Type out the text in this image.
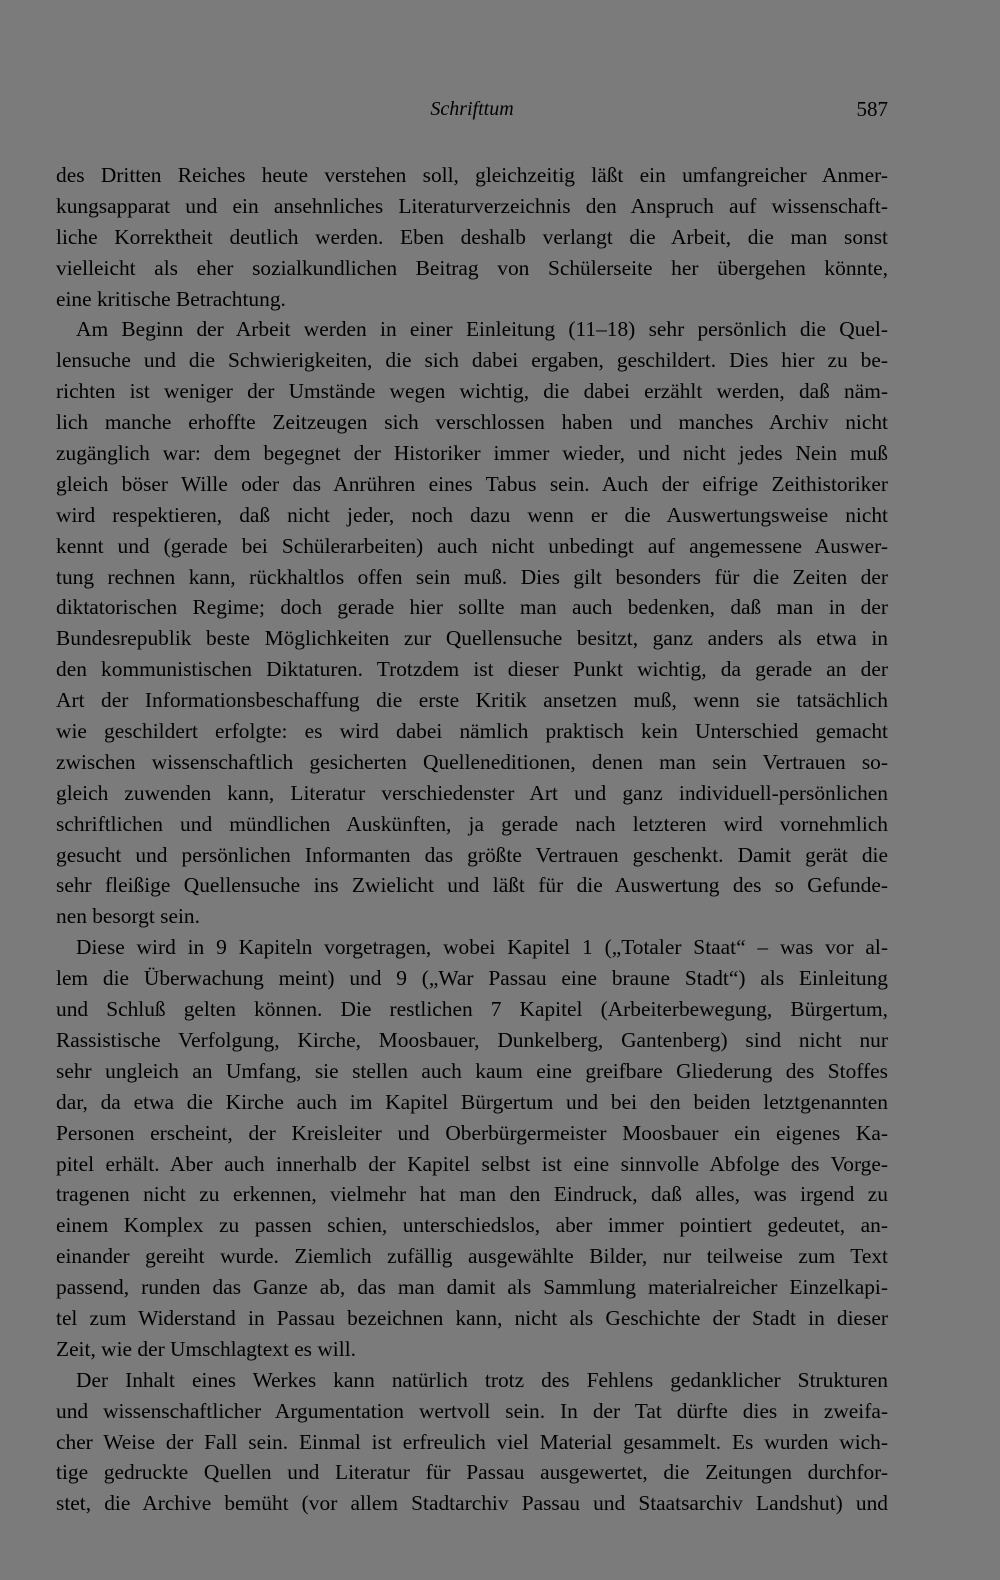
Schrifttum	587
des Dritten Reiches heute verstehen soll, gleichzeitig läßt ein umfangreicher Anmer-
kungsapparat und ein ansehnliches Literaturverzeichnis den Anspruch auf wissenschaft-
liche Korrektheit deutlich werden. Eben deshalb verlangt die Arbeit, die man sonst
vielleicht als eher sozialkundlichen Beitrag von Schülerseite her übergehen könnte,
eine kritische Betrachtung.
Am Beginn der Arbeit werden in einer Einleitung (11–18) sehr persönlich die Quel-
lensuche und die Schwierigkeiten, die sich dabei ergaben, geschildert. Dies hier zu be-
richten ist weniger der Umstände wegen wichtig, die dabei erzählt werden, daß näm-
lich manche erhoffte Zeitzeugen sich verschlossen haben und manches Archiv nicht
zugänglich war: dem begegnet der Historiker immer wieder, und nicht jedes Nein muß
gleich böser Wille oder das Anrühren eines Tabus sein. Auch der eifrige Zeithistoriker
wird respektieren, daß nicht jeder, noch dazu wenn er die Auswertungsweise nicht
kennt und (gerade bei Schülerarbeiten) auch nicht unbedingt auf angemessene Auswer-
tung rechnen kann, rückhaltlos offen sein muß. Dies gilt besonders für die Zeiten der
diktatorischen Regime; doch gerade hier sollte man auch bedenken, daß man in der
Bundesrepublik beste Möglichkeiten zur Quellensuche besitzt, ganz anders als etwa in
den kommunistischen Diktaturen. Trotzdem ist dieser Punkt wichtig, da gerade an der
Art der Informationsbeschaffung die erste Kritik ansetzen muß, wenn sie tatsächlich
wie geschildert erfolgte: es wird dabei nämlich praktisch kein Unterschied gemacht
zwischen wissenschaftlich gesicherten Quelleneditionen, denen man sein Vertrauen so-
gleich zuwenden kann, Literatur verschiedenster Art und ganz individuell-persönlichen
schriftlichen und mündlichen Auskünften, ja gerade nach letzteren wird vornehmlich
gesucht und persönlichen Informanten das größte Vertrauen geschenkt. Damit gerät die
sehr fleißige Quellensuche ins Zwielicht und läßt für die Auswertung des so Gefunde-
nen besorgt sein.
Diese wird in 9 Kapiteln vorgetragen, wobei Kapitel 1 („Totaler Staat“ – was vor al-
lem die Überwachung meint) und 9 („War Passau eine braune Stadt“) als Einleitung
und Schluß gelten können. Die restlichen 7 Kapitel (Arbeiterbewegung, Bürgertum,
Rassistische Verfolgung, Kirche, Moosbauer, Dunkelberg, Gantenberg) sind nicht nur
sehr ungleich an Umfang, sie stellen auch kaum eine greifbare Gliederung des Stoffes
dar, da etwa die Kirche auch im Kapitel Bürgertum und bei den beiden letztgenannten
Personen erscheint, der Kreisleiter und Oberbürgermeister Moosbauer ein eigenes Ka-
pitel erhält. Aber auch innerhalb der Kapitel selbst ist eine sinnvolle Abfolge des Vorge-
tragenen nicht zu erkennen, vielmehr hat man den Eindruck, daß alles, was irgend zu
einem Komplex zu passen schien, unterschiedslos, aber immer pointiert gedeutet, an-
einander gereiht wurde. Ziemlich zufällig ausgewählte Bilder, nur teilweise zum Text
passend, runden das Ganze ab, das man damit als Sammlung materialreicher Einzelkapi-
tel zum Widerstand in Passau bezeichnen kann, nicht als Geschichte der Stadt in dieser
Zeit, wie der Umschlagtext es will.
Der Inhalt eines Werkes kann natürlich trotz des Fehlens gedanklicher Strukturen
und wissenschaftlicher Argumentation wertvoll sein. In der Tat dürfte dies in zweifa-
cher Weise der Fall sein. Einmal ist erfreulich viel Material gesammelt. Es wurden wich-
tige gedruckte Quellen und Literatur für Passau ausgewertet, die Zeitungen durchfor-
stet, die Archive bemüht (vor allem Stadtarchiv Passau und Staatsarchiv Landshut) und
